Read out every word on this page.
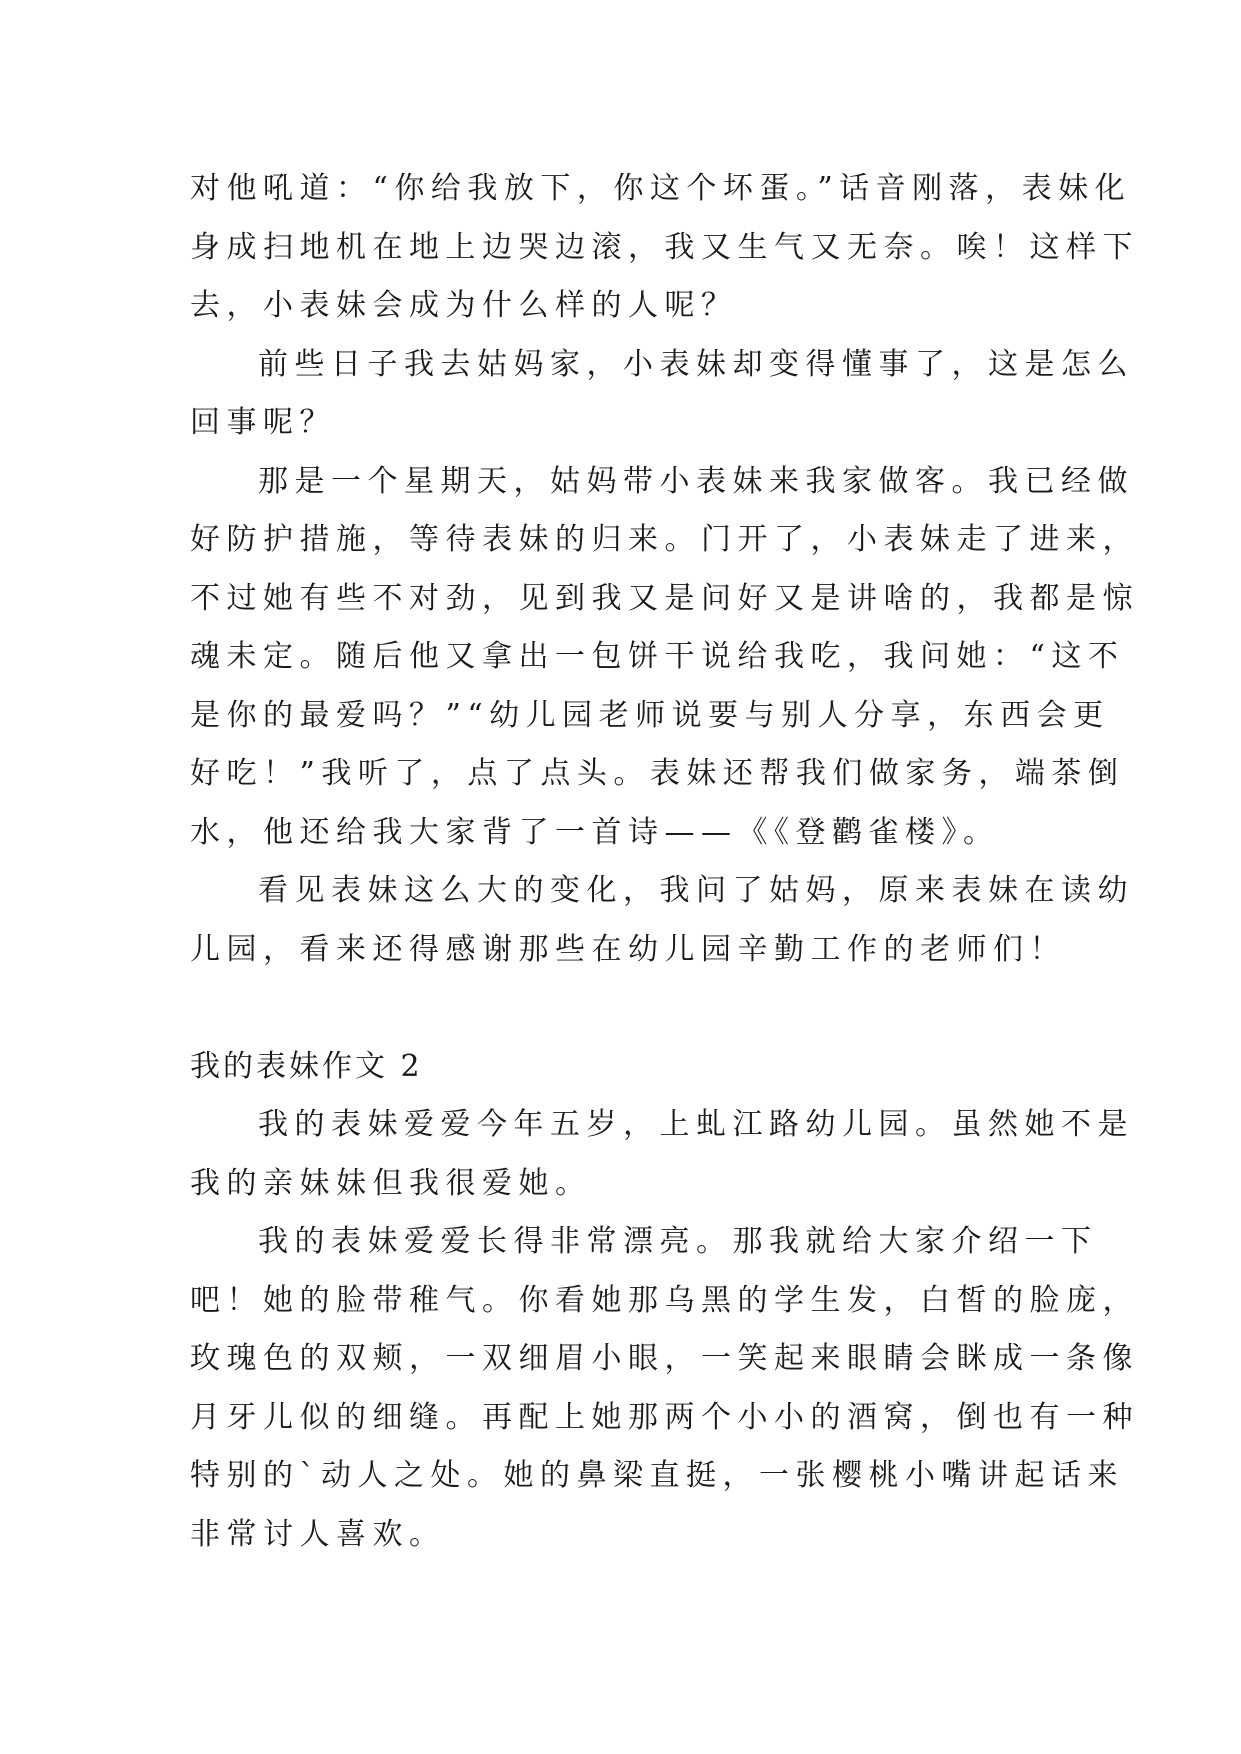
对他吼道：“你给我放下，你这个坏蛋。”话音刚落，表妹化
身成扫地机在地上边哭边滚，我又生气又无奈。唉！这样下
去，小表妹会成为什么样的人呢？
前些日子我去姑妈家，小表妹却变得懂事了，这是怎么
回事呢？
那是一个星期天，姑妈带小表妹来我家做客。我已经做
好防护措施，等待表妹的归来。门开了，小表妹走了进来，
不过她有些不对劲，见到我又是问好又是讲啥的，我都是惊
魂未定。随后他又拿出一包饼干说给我吃，我问她：“这不
是你的最爱吗？”“幼儿园老师说要与别人分享，东西会更
好吃！”我听了，点了点头。表妹还帮我们做家务，端茶倒
水，他还给我大家背了一首诗——《《登鹳雀楼》。
看见表妹这么大的变化，我问了姑妈，原来表妹在读幼
儿园，看来还得感谢那些在幼儿园辛勤工作的老师们！
我的表妹作文 2
我的表妹爱爱今年五岁，上虬江路幼儿园。虽然她不是
我的亲妹妹但我很爱她。
我的表妹爱爱长得非常漂亮。那我就给大家介绍一下
吧！她的脸带稚气。你看她那乌黑的学生发，白皙的脸庞，
玫瑰色的双颊，一双细眉小眼，一笑起来眼睛会眯成一条像
月牙儿似的细缝。再配上她那两个小小的酒窝，倒也有一种
特别的`动人之处。她的鼻梁直挺，一张樱桃小嘴讲起话来
非常讨人喜欢。
